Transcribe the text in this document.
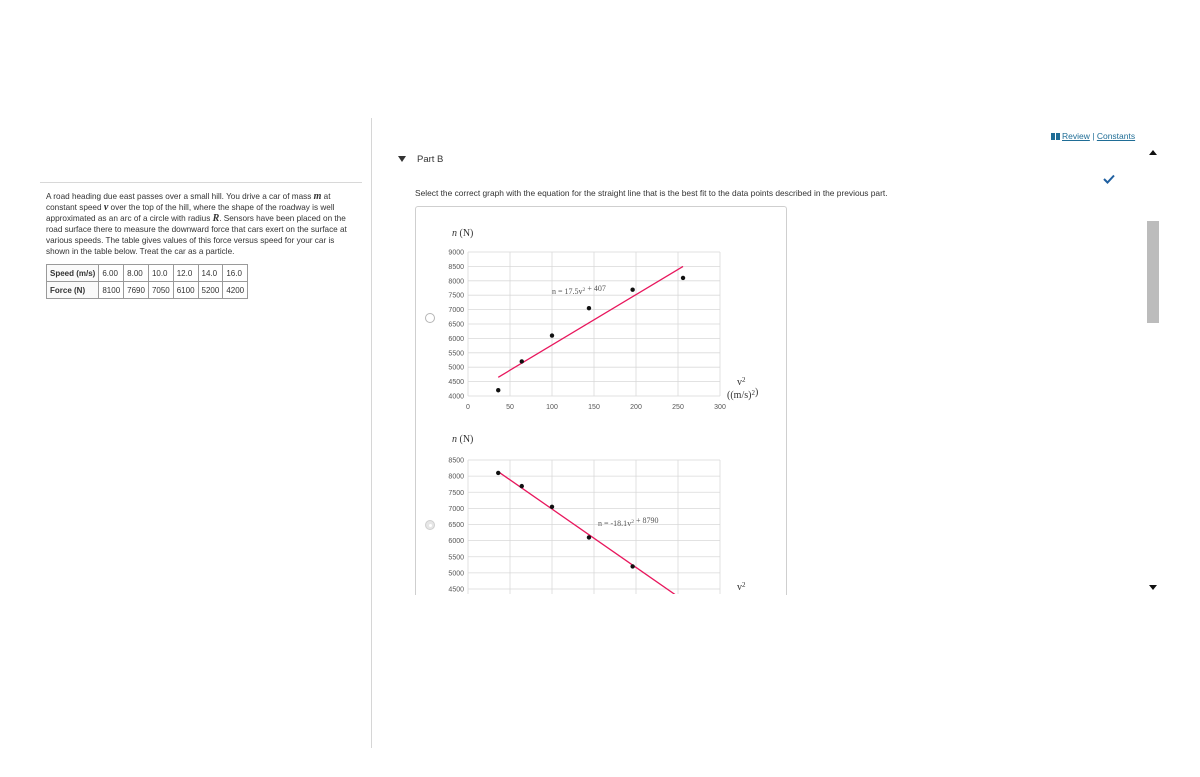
Review | Constants
A road heading due east passes over a small hill. You drive a car of mass m at constant speed v over the top of the hill, where the shape of the roadway is well approximated as an arc of a circle with radius R. Sensors have been placed on the road surface there to measure the downward force that cars exert on the surface at various speeds. The table gives values of this force versus speed for your car is shown in the table below. Treat the car as a particle.
Speed (m/s)	6.00	8.00	10.0	12.0	14.0	16.0
Force (N)	8100	7690	7050	6100	5200	4200
Part B
Select the correct graph with the equation for the straight line that is the best fit to the data points described in the previous part.
n (N)
9000
8500
8000
7500
7000
6500
6000
5500
5000
4500
4000
0	50	100	150	200	250	300
$n = 17.5v^2 + 407$
$v^2$
$((m/s)^2)$
n (N)
8500
8000
7500
7000
6500
6000
5500
5000
4500
$n = -18.1v^2 + 8790$
$v^2$
